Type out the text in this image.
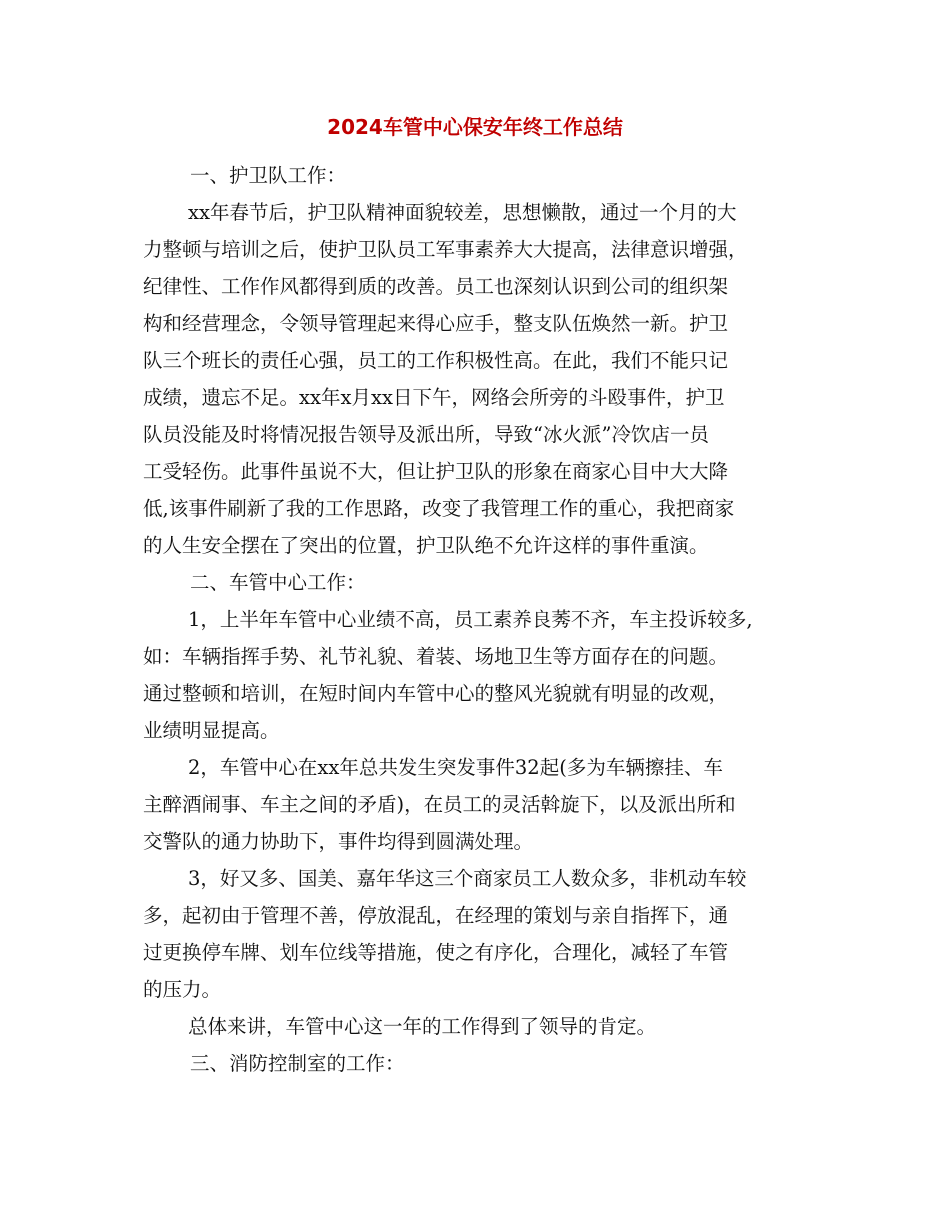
2024车管中心保安年终工作总结
一、护卫队工作：
xx年春节后，护卫队精神面貌较差，思想懒散，通过一个月的大
力整顿与培训之后，使护卫队员工军事素养大大提高，法律意识增强，
纪律性、工作作风都得到质的改善。员工也深刻认识到公司的组织架
构和经营理念，令领导管理起来得心应手，整支队伍焕然一新。护卫
队三个班长的责任心强，员工的工作积极性高。在此，我们不能只记
成绩，遗忘不足。xx年x月xx日下午，网络会所旁的斗殴事件，护卫
队员没能及时将情况报告领导及派出所，导致“冰火派”冷饮店一员
工受轻伤。此事件虽说不大，但让护卫队的形象在商家心目中大大降
低,该事件刷新了我的工作思路，改变了我管理工作的重心，我把商家
的人生安全摆在了突出的位置，护卫队绝不允许这样的事件重演。
二、车管中心工作：
1，上半年车管中心业绩不高，员工素养良莠不齐，车主投诉较多,
如：车辆指挥手势、礼节礼貌、着装、场地卫生等方面存在的问题。
通过整顿和培训，在短时间内车管中心的整风光貌就有明显的改观，
业绩明显提高。
2，车管中心在xx年总共发生突发事件32起(多为车辆擦挂、车
主醉酒闹事、车主之间的矛盾)，在员工的灵活斡旋下，以及派出所和
交警队的通力协助下，事件均得到圆满处理。
3，好又多、国美、嘉年华这三个商家员工人数众多，非机动车较
多，起初由于管理不善，停放混乱，在经理的策划与亲自指挥下，通
过更换停车牌、划车位线等措施，使之有序化，合理化，减轻了车管
的压力。
总体来讲，车管中心这一年的工作得到了领导的肯定。
三、消防控制室的工作：
